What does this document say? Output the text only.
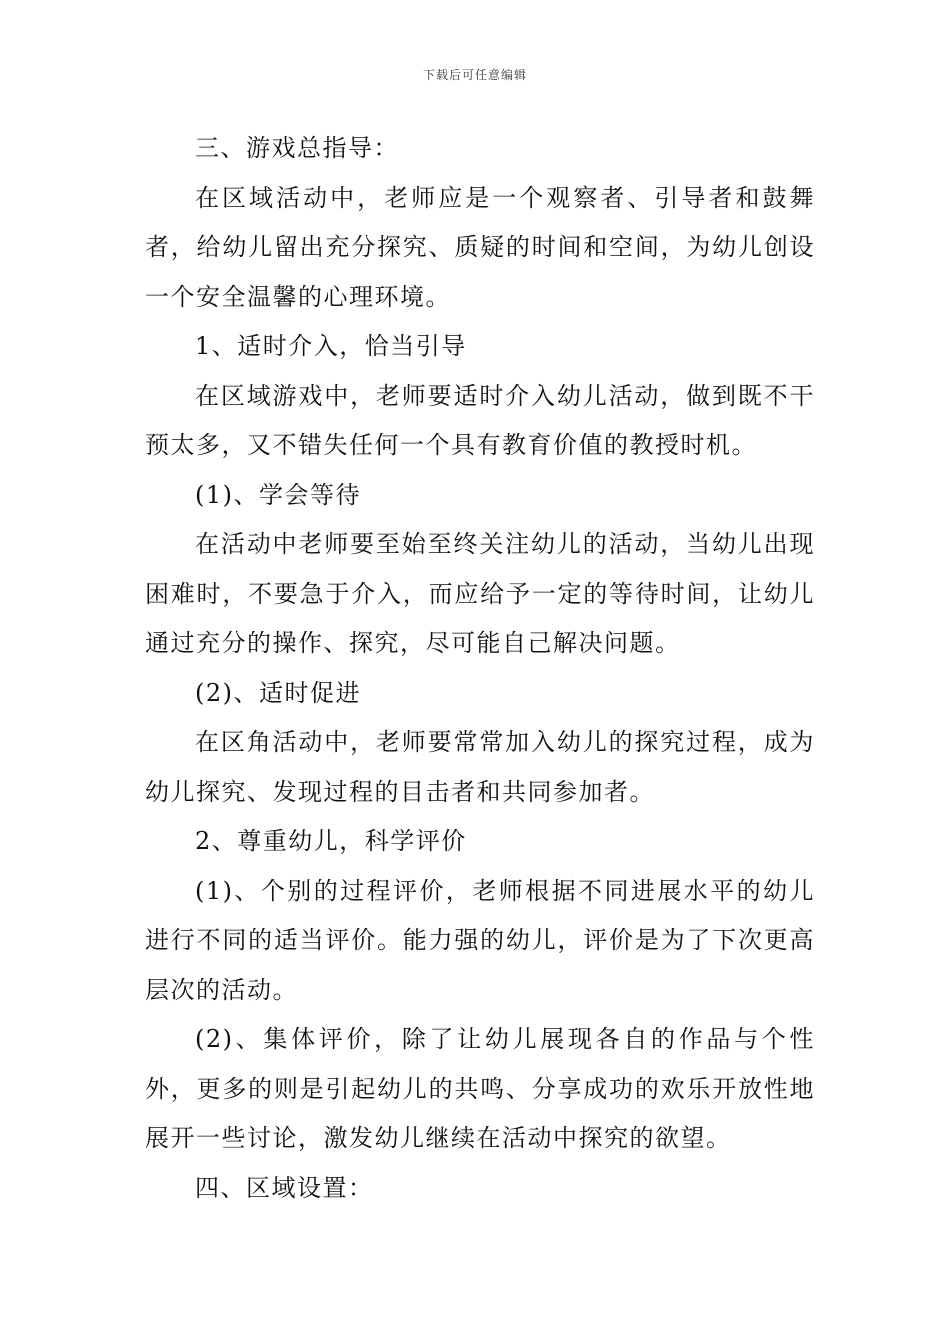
下载后可任意编辑

三、游戏总指导：

在区域活动中，老师应是一个观察者、引导者和鼓舞者，给幼儿留出充分探究、质疑的时间和空间，为幼儿创设一个安全温馨的心理环境。

1、适时介入，恰当引导

在区域游戏中，老师要适时介入幼儿活动，做到既不干预太多，又不错失任何一个具有教育价值的教授时机。

(1)、学会等待

在活动中老师要至始至终关注幼儿的活动，当幼儿出现困难时，不要急于介入，而应给予一定的等待时间，让幼儿通过充分的操作、探究，尽可能自己解决问题。

(2)、适时促进

在区角活动中，老师要常常加入幼儿的探究过程，成为幼儿探究、发现过程的目击者和共同参加者。

2、尊重幼儿，科学评价

(1)、个别的过程评价，老师根据不同进展水平的幼儿进行不同的适当评价。能力强的幼儿，评价是为了下次更高层次的活动。

(2)、集体评价，除了让幼儿展现各自的作品与个性外，更多的则是引起幼儿的共鸣、分享成功的欢乐开放性地展开一些讨论，激发幼儿继续在活动中探究的欲望。

四、区域设置：
